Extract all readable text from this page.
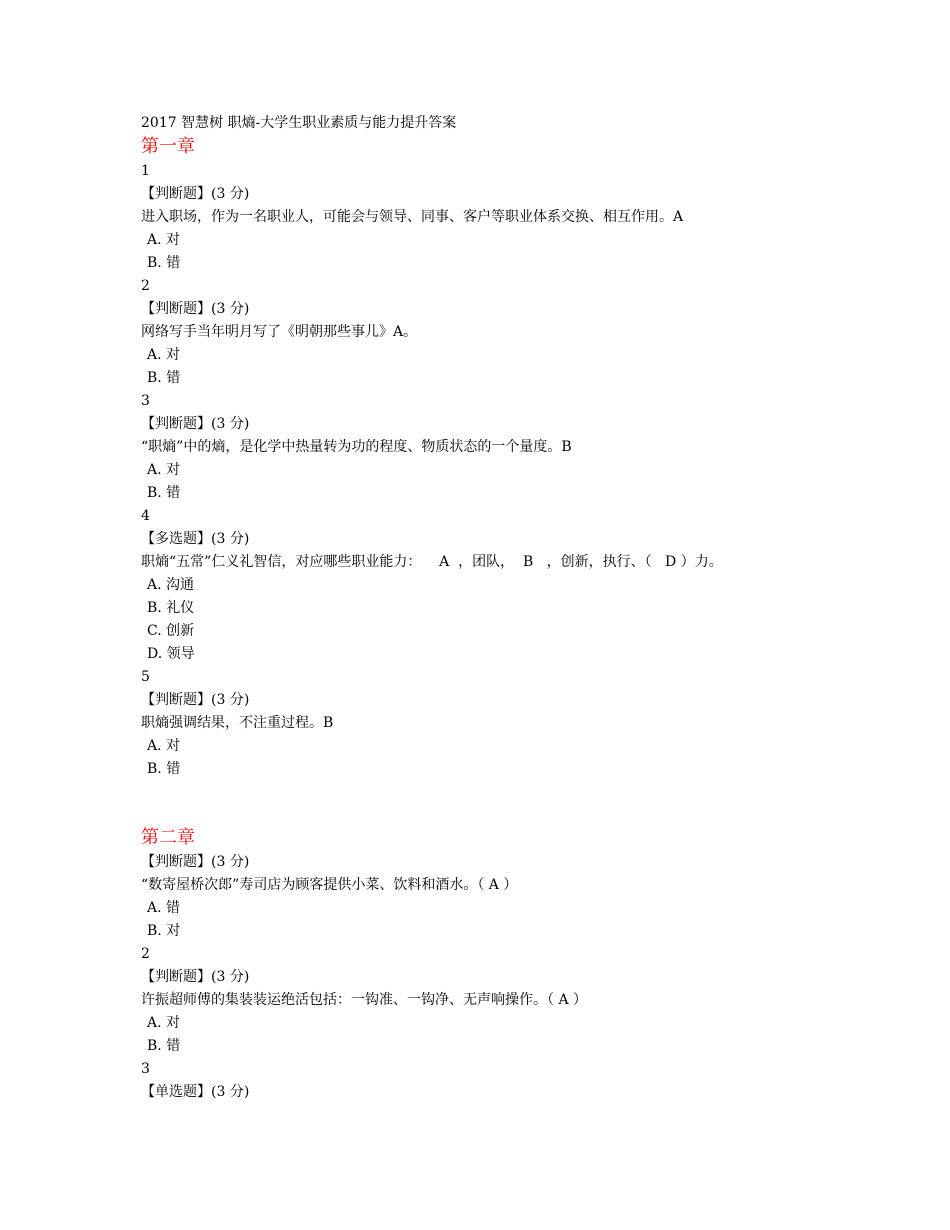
2017 智慧树 职熵-大学生职业素质与能力提升答案
第一章
1
【判断题】(3 分)
进入职场，作为一名职业人，可能会与领导、同事、客户等职业体系交换、相互作用。A
A. 对
B. 错
2
【判断题】(3 分)
网络写手当年明月写了《明朝那些事儿》A。
A. 对
B. 错
3
【判断题】(3 分)
“职熵”中的熵，是化学中热量转为功的程度、物质状态的一个量度。B
A. 对
B. 错
4
【多选题】(3 分)
职熵“五常”仁义礼智信，对应哪些职业能力：    A  ，团队，  B   ，创新，执行、（   D ）力。
A. 沟通
B. 礼仪
C. 创新
D. 领导
5
【判断题】(3 分)
职熵强调结果，不注重过程。B
A. 对
B. 错
第二章
【判断题】(3 分)
“数寄屋桥次郎”寿司店为顾客提供小菜、饮料和酒水。（ A ）
A. 错
B. 对
2
【判断题】(3 分)
许振超师傅的集装装运绝活包括：一钩准、一钩净、无声响操作。（ A ）
A. 对
B. 错
3
【单选题】(3 分)
